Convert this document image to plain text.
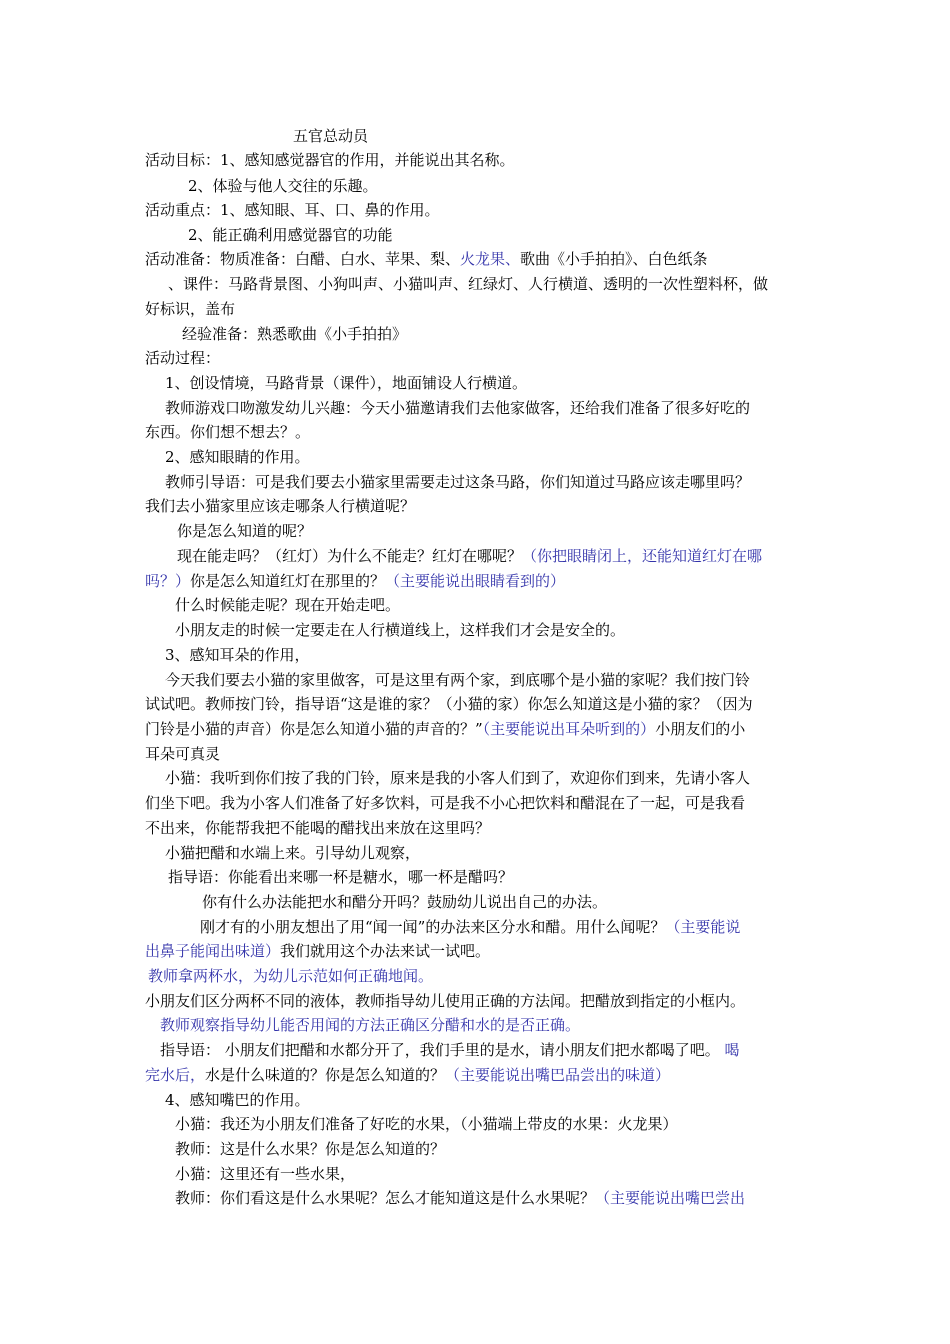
五官总动员
活动目标：1、感知感觉器官的作用，并能说出其名称。
2、体验与他人交往的乐趣。
活动重点：1、感知眼、耳、口、鼻的作用。
2、能正确利用感觉器官的功能
活动准备：物质准备：白醋、白水、苹果、梨、火龙果、歌曲《小手拍拍》、白色纸条
、课件：马路背景图、小狗叫声、小猫叫声、红绿灯、人行横道、透明的一次性塑料杯，做
好标识，盖布
经验准备：熟悉歌曲《小手拍拍》
活动过程：
1、创设情境，马路背景（课件），地面铺设人行横道。
教师游戏口吻激发幼儿兴趣：今天小猫邀请我们去他家做客，还给我们准备了很多好吃的
东西。你们想不想去？。
2、感知眼睛的作用。
教师引导语：可是我们要去小猫家里需要走过这条马路，你们知道过马路应该走哪里吗？
我们去小猫家里应该走哪条人行横道呢？
你是怎么知道的呢？
现在能走吗？（红灯）为什么不能走？红灯在哪呢？（你把眼睛闭上，还能知道红灯在哪
吗？）你是怎么知道红灯在那里的？（主要能说出眼睛看到的）
什么时候能走呢？现在开始走吧。
小朋友走的时候一定要走在人行横道线上，这样我们才会是安全的。
3、感知耳朵的作用，
今天我们要去小猫的家里做客，可是这里有两个家，到底哪个是小猫的家呢？我们按门铃
试试吧。教师按门铃，指导语“这是谁的家？（小猫的家）你怎么知道这是小猫的家？（因为
门铃是小猫的声音）你是怎么知道小猫的声音的？”（主要能说出耳朵听到的）小朋友们的小
耳朵可真灵
小猫：我听到你们按了我的门铃，原来是我的小客人们到了，欢迎你们到来，先请小客人
们坐下吧。我为小客人们准备了好多饮料，可是我不小心把饮料和醋混在了一起，可是我看
不出来，你能帮我把不能喝的醋找出来放在这里吗？
小猫把醋和水端上来。引导幼儿观察，
指导语：你能看出来哪一杯是糖水，哪一杯是醋吗？
你有什么办法能把水和醋分开吗？鼓励幼儿说出自己的办法。
刚才有的小朋友想出了用“闻一闻”的办法来区分水和醋。用什么闻呢？（主要能说
出鼻子能闻出味道）我们就用这个办法来试一试吧。
教师拿两杯水，为幼儿示范如何正确地闻。
小朋友们区分两杯不同的液体，教师指导幼儿使用正确的方法闻。把醋放到指定的小框内。
教师观察指导幼儿能否用闻的方法正确区分醋和水的是否正确。
指导语： 小朋友们把醋和水都分开了，我们手里的是水，请小朋友们把水都喝了吧。 喝
完水后，水是什么味道的？你是怎么知道的？（主要能说出嘴巴品尝出的味道）
4、感知嘴巴的作用。
小猫：我还为小朋友们准备了好吃的水果，（小猫端上带皮的水果：火龙果）
教师：这是什么水果？你是怎么知道的？
小猫：这里还有一些水果，
教师：你们看这是什么水果呢？怎么才能知道这是什么水果呢？（主要能说出嘴巴尝出
